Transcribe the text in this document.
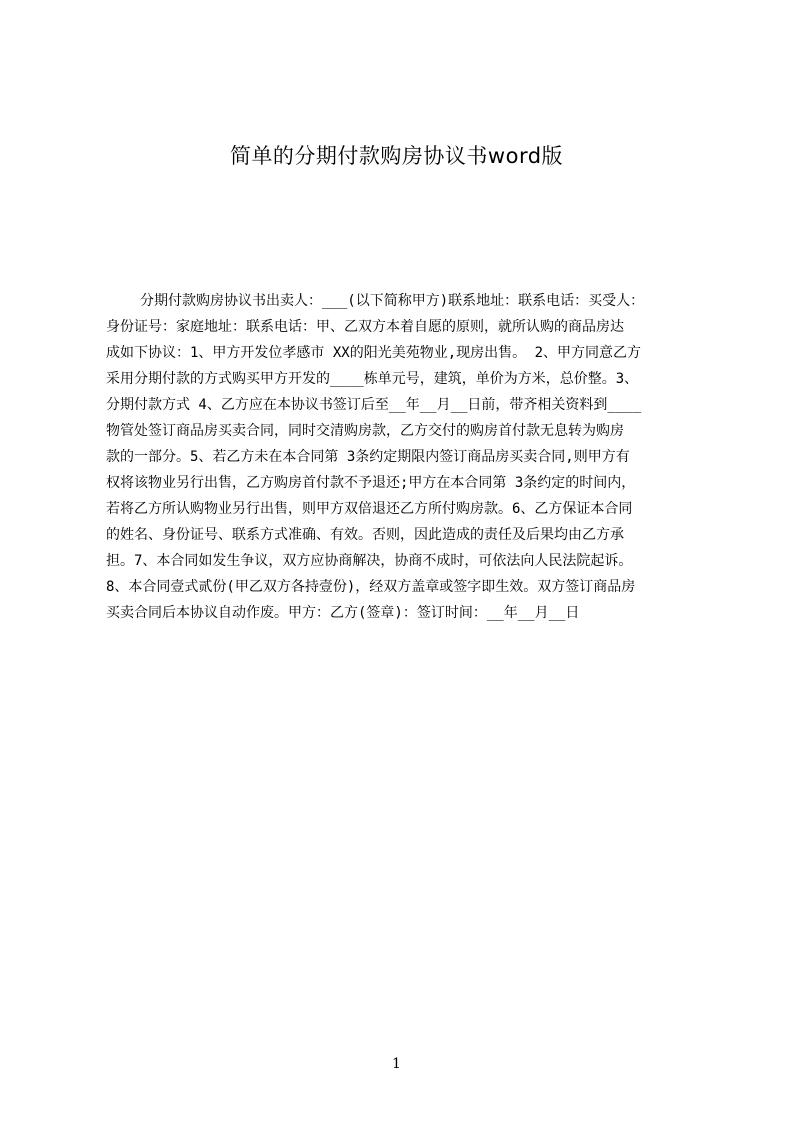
简单的分期付款购房协议书word版
分期付款购房协议书出卖人：___(以下简称甲方)联系地址：联系电话：买受人：
身份证号：家庭地址：联系电话：甲、乙双方本着自愿的原则，就所认购的商品房达
成如下协议：1、甲方开发位孝感市 XX的阳光美苑物业,现房出售。 2、甲方同意乙方
采用分期付款的方式购买甲方开发的____栋单元号，建筑，单价为方米，总价整。3、
分期付款方式 4、乙方应在本协议书签订后至__年__月__日前，带齐相关资料到____
物管处签订商品房买卖合同，同时交清购房款，乙方交付的购房首付款无息转为购房
款的一部分。5、若乙方未在本合同第 3条约定期限内签订商品房买卖合同,则甲方有
权将该物业另行出售，乙方购房首付款不予退还;甲方在本合同第 3条约定的时间内，
若将乙方所认购物业另行出售，则甲方双倍退还乙方所付购房款。6、乙方保证本合同
的姓名、身份证号、联系方式准确、有效。否则，因此造成的责任及后果均由乙方承
担。7、本合同如发生争议，双方应协商解决，协商不成时，可依法向人民法院起诉。
8、本合同壹式贰份(甲乙双方各持壹份)，经双方盖章或签字即生效。双方签订商品房
买卖合同后本协议自动作废。甲方：乙方(签章)：签订时间：__年__月__日
1
